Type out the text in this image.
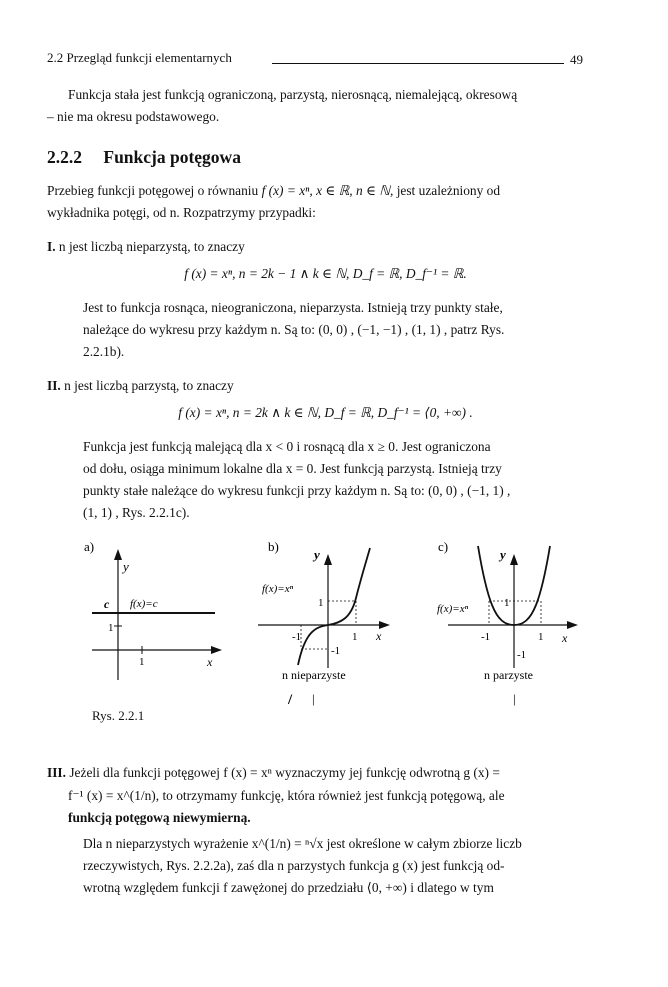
2.2 Przegląd funkcji elementarnych	49
Funkcja stała jest funkcją ograniczoną, parzystą, nierosnącą, niemalejącą, okresową
– nie ma okresu podstawowego.
2.2.2 Funkcja potęgowa
Przebieg funkcji potęgowej o równaniu f (x) = xⁿ, x ∈ ℝ, n ∈ ℕ, jest uzależniony od
wykładnika potęgi, od n. Rozpatrzymy przypadki:
I. n jest liczbą nieparzystą, to znaczy
f (x) = xⁿ, n = 2k − 1 ∧ k ∈ ℕ, D_f = ℝ, D_f⁻¹ = ℝ.
Jest to funkcja rosnąca, nieograniczona, nieparzysta. Istnieją trzy punkty stałe,
należące do wykresu przy każdym n. Są to: (0, 0) , (−1, −1) , (1, 1) , patrz Rys.
2.2.1b).
II. n jest liczbą parzystą, to znaczy
f (x) = xⁿ, n = 2k ∧ k ∈ ℕ, D_f = ℝ, D_f⁻¹ = ⟨0, +∞) .
Funkcja jest funkcją malejącą dla x < 0 i rosnącą dla x ≥ 0. Jest ograniczona
od dołu, osiąga minimum lokalne dla x = 0. Jest funkcją parzystą. Istnieją trzy
punkty stałe należące do wykresu funkcji przy każdym n. Są to: (0, 0) , (−1, 1) ,
(1, 1) , Rys. 2.2.1c).
a)
y
c f(x)=c
1
1	x
b)
y
f(x)=xⁿ
1
-1	1
-1
x
n nieparzyste
/ |
c)
y
f(x)=xⁿ	1
-1	1
-1
x
n parzyste
|
Rys. 2.2.1
III. Jeżeli dla funkcji potęgowej f (x) = xⁿ wyznaczymy jej funkcję odwrotną g (x) =
f⁻¹ (x) = x^(1/n), to otrzymamy funkcję, która również jest funkcją potęgową, ale
funkcją potęgową niewymierną.
Dla n nieparzystych wyrażenie x^(1/n) = ⁿ√x jest określone w całym zbiorze liczb
rzeczywistych, Rys. 2.2.2a), zaś dla n parzystych funkcja g (x) jest funkcją od-
wrotną względem funkcji f zawężonej do przedziału ⟨0, +∞) i dlatego w tym
